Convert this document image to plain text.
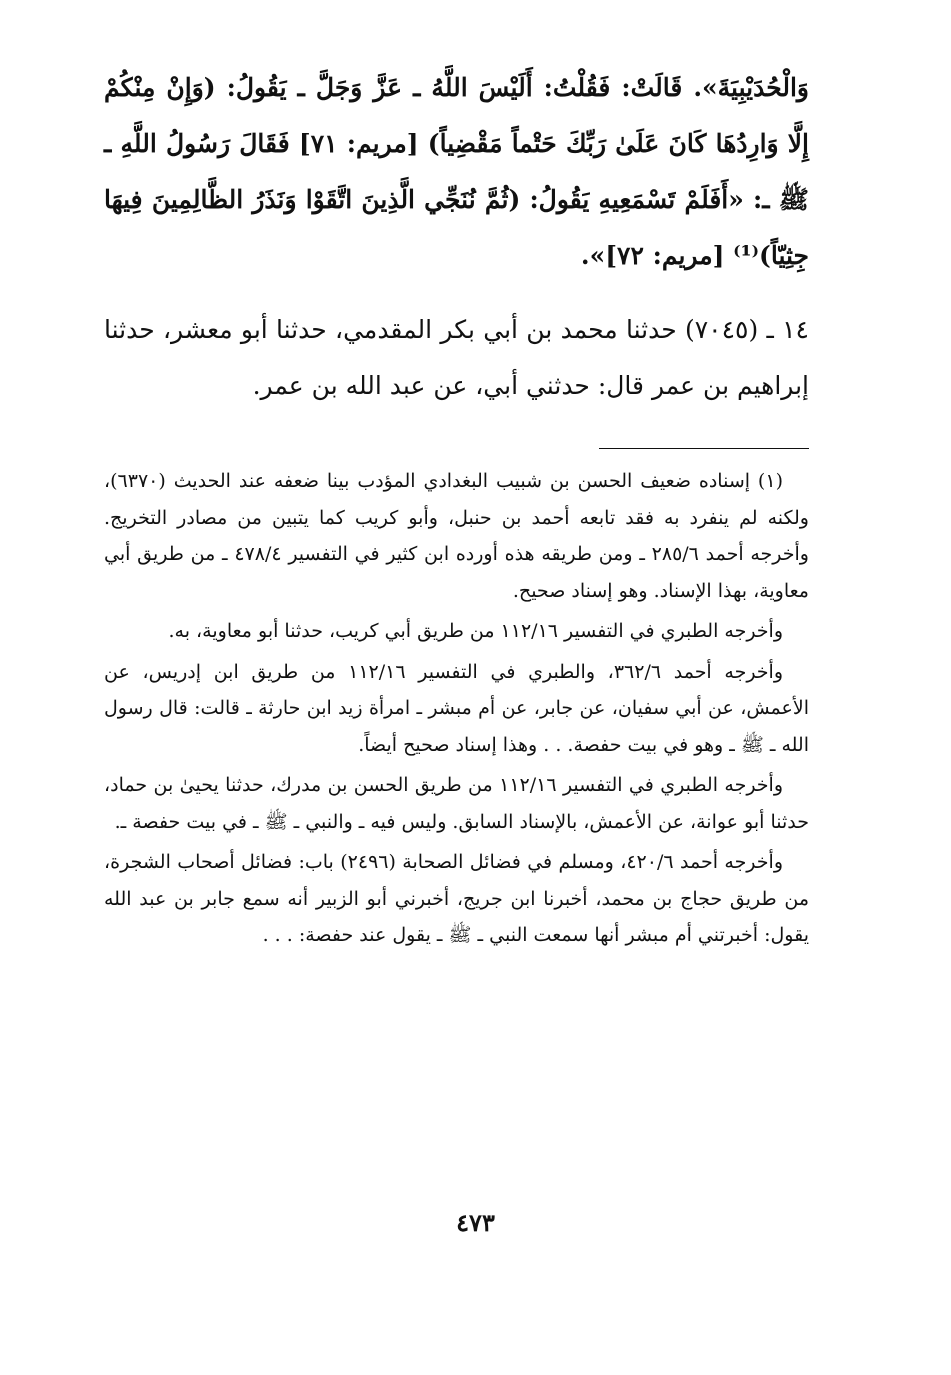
وَالْحُدَيْبِيَةَ». قَالَتْ: فَقُلْتُ: أَلَيْسَ اللَّهُ ـ عَزَّ وَجَلَّ ـ يَقُولُ: (وَإِنْ مِنْكُمْ إِلَّا وَارِدُهَا كَانَ عَلَىٰ رَبِّكَ حَتْماً مَقْضِياً) [مريم: ٧١] فَقَالَ رَسُولُ اللَّهِ ـ ﷺ ـ: «أَفَلَمْ تَسْمَعِيهِ يَقُولُ: (ثُمَّ نُنَجِّي الَّذِينَ اتَّقَوْا وَنَذَرُ الظَّالِمِينَ فِيهَا جِثِيّاً)⁽¹⁾ [مريم: ٧٢]».

١٤ ـ (٧٠٤٥) حدثنا محمد بن أبي بكر المقدمي، حدثنا أبو معشر، حدثنا إبراهيم بن عمر قال: حدثني أبي، عن عبد الله بن عمر.

(١) إسناده ضعيف الحسن بن شبيب البغدادي المؤدب بينا ضعفه عند الحديث (٦٣٧٠)، ولكنه لم ينفرد به فقد تابعه أحمد بن حنبل، وأبو كريب كما يتبين من مصادر التخريج. وأخرجه أحمد ٢٨٥/٦ ـ ومن طريقه هذه أورده ابن كثير في التفسير ٤٧٨/٤ ـ من طريق أبي معاوية، بهذا الإسناد. وهو إسناد صحيح.

وأخرجه الطبري في التفسير ١١٢/١٦ من طريق أبي كريب، حدثنا أبو معاوية، به.

وأخرجه أحمد ٣٦٢/٦، والطبري في التفسير ١١٢/١٦ من طريق ابن إدريس، عن الأعمش، عن أبي سفيان، عن جابر، عن أم مبشر ـ امرأة زيد ابن حارثة ـ قالت: قال رسول الله ـ ﷺ ـ وهو في بيت حفصة. . . وهذا إسناد صحيح أيضاً.

وأخرجه الطبري في التفسير ١١٢/١٦ من طريق الحسن بن مدرك، حدثنا يحيىٰ بن حماد، حدثنا أبو عوانة، عن الأعمش، بالإسناد السابق. وليس فيه ـ والنبي ـ ﷺ ـ في بيت حفصة ـ.

وأخرجه أحمد ٤٢٠/٦، ومسلم في فضائل الصحابة (٢٤٩٦) باب: فضائل أصحاب الشجرة، من طريق حجاج بن محمد، أخبرنا ابن جريج، أخبرني أبو الزبير أنه سمع جابر بن عبد الله يقول: أخبرتني أم مبشر أنها سمعت النبي ـ ﷺ ـ يقول عند حفصة: . . .

٤٧٣
